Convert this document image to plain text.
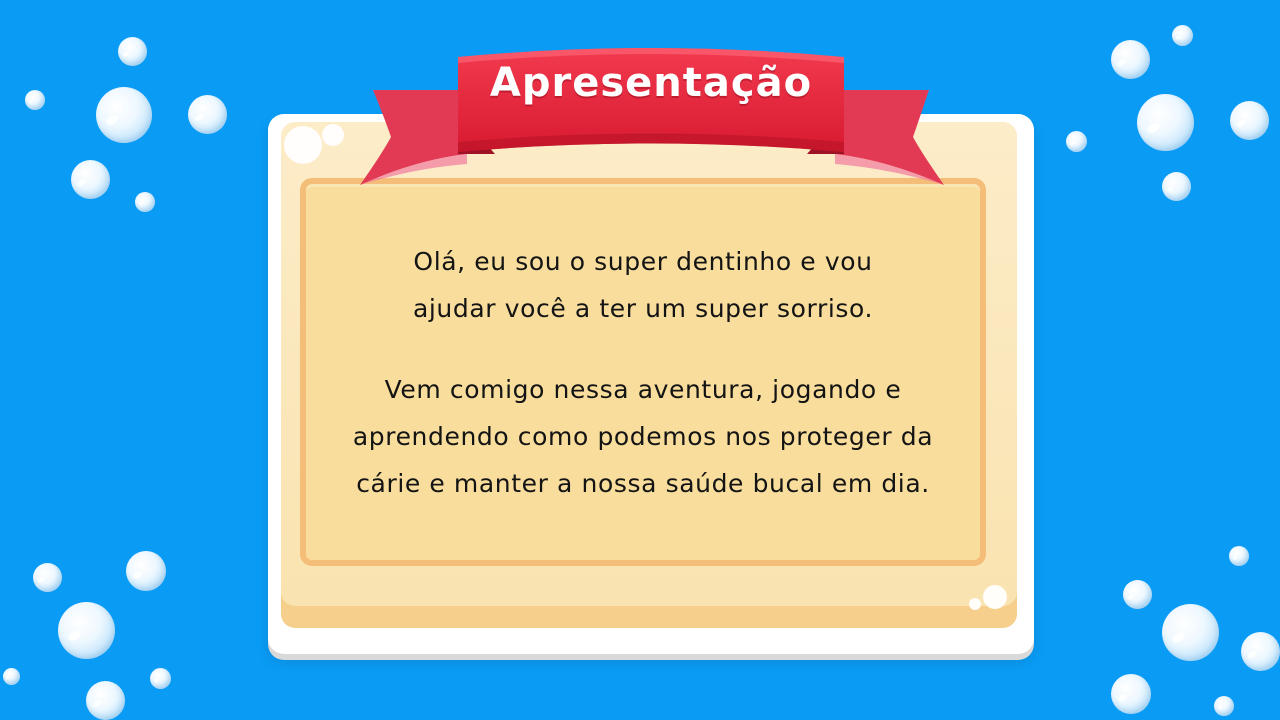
Olá, eu sou o super dentinho e vou
ajudar você a ter um super sorriso.
Vem comigo nessa aventura, jogando e
aprendendo como podemos nos proteger da
cárie e manter a nossa saúde bucal em dia.
Apresentação
